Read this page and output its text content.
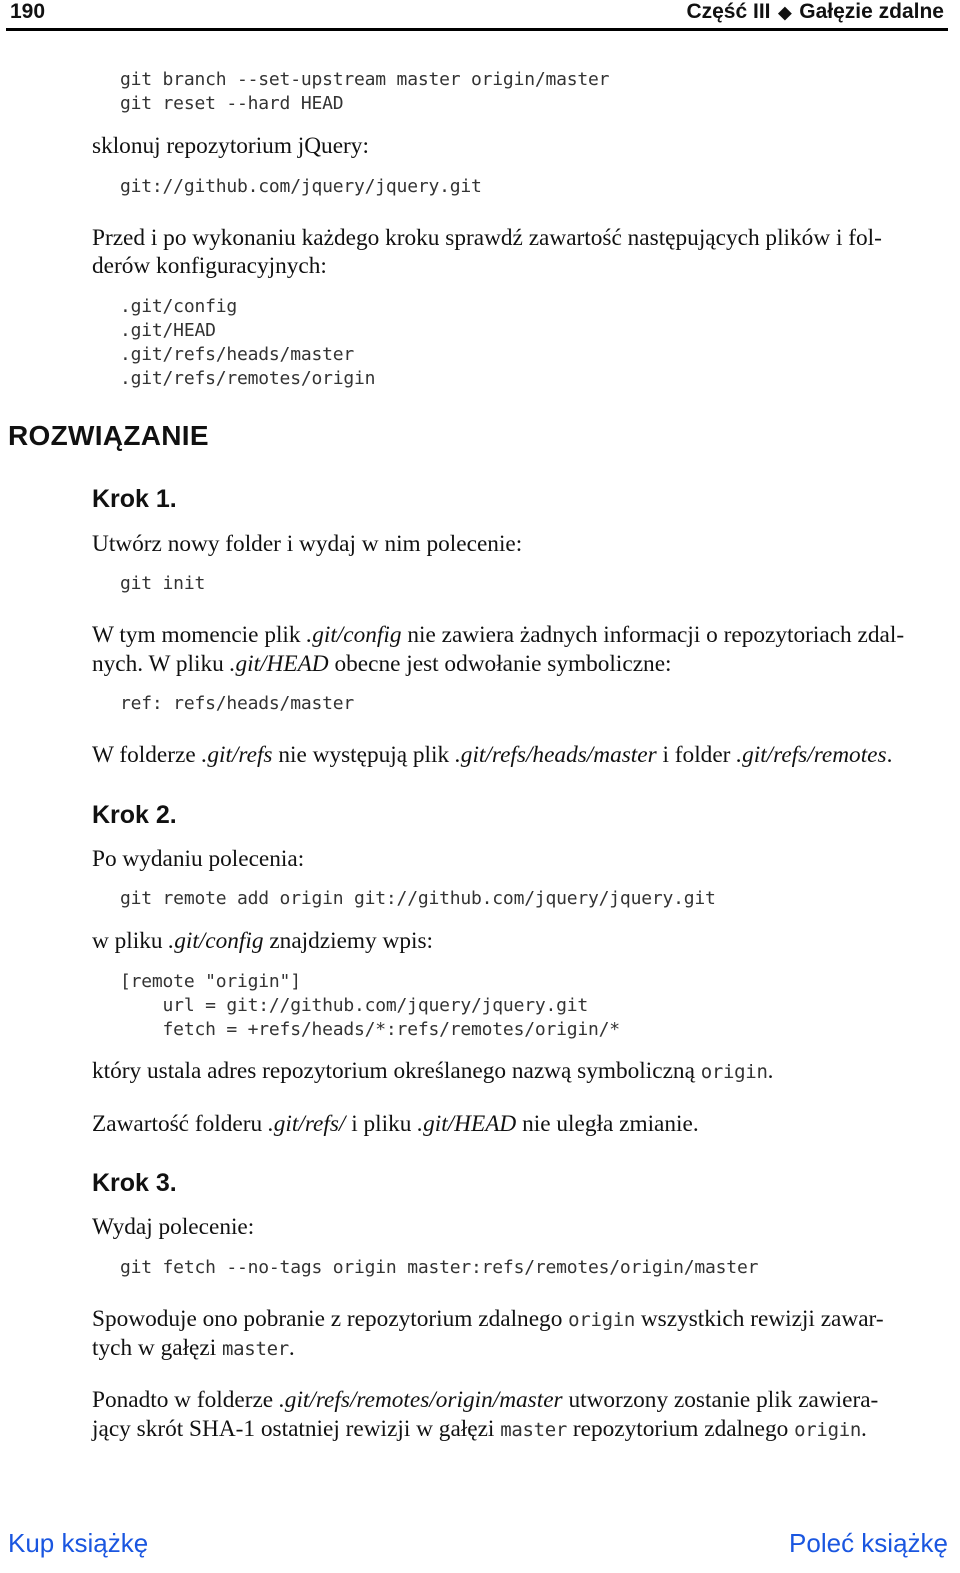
190	Część III ◆ Gałęzie zdalne
git branch --set-upstream master origin/master
git reset --hard HEAD

sklonuj repozytorium jQuery:

git://github.com/jquery/jquery.git

Przed i po wykonaniu każdego kroku sprawdź zawartość następujących plików i fol-

derów konfiguracyjnych:

.git/config
.git/HEAD
.git/refs/heads/master
.git/refs/remotes/origin
ROZWIĄZANIE
Krok 1.

Utwórz nowy folder i wydaj w nim polecenie:

git init

W tym momencie plik .git/config nie zawiera żadnych informacji o repozytoriach zdal-

nych. W pliku .git/HEAD obecne jest odwołanie symboliczne:

ref: refs/heads/master

W folderze .git/refs nie występują plik .git/refs/heads/master i folder .git/refs/remotes.

Krok 2.

Po wydaniu polecenia:

git remote add origin git://github.com/jquery/jquery.git

w pliku .git/config znajdziemy wpis:

[remote "origin"]
url = git://github.com/jquery/jquery.git
fetch = +refs/heads/*:refs/remotes/origin/*

który ustala adres repozytorium określanego nazwą symboliczną origin.

Zawartość folderu .git/refs/ i pliku .git/HEAD nie uległa zmianie.

Krok 3.

Wydaj polecenie:

git fetch --no-tags origin master:refs/remotes/origin/master

Spowoduje ono pobranie z repozytorium zdalnego origin wszystkich rewizji zawar-

tych w gałęzi master.

Ponadto w folderze .git/refs/remotes/origin/master utworzony zostanie plik zawiera-

jący skrót SHA-1 ostatniej rewizji w gałęzi master repozytorium zdalnego origin.

Kup książkę	Poleć książkę
